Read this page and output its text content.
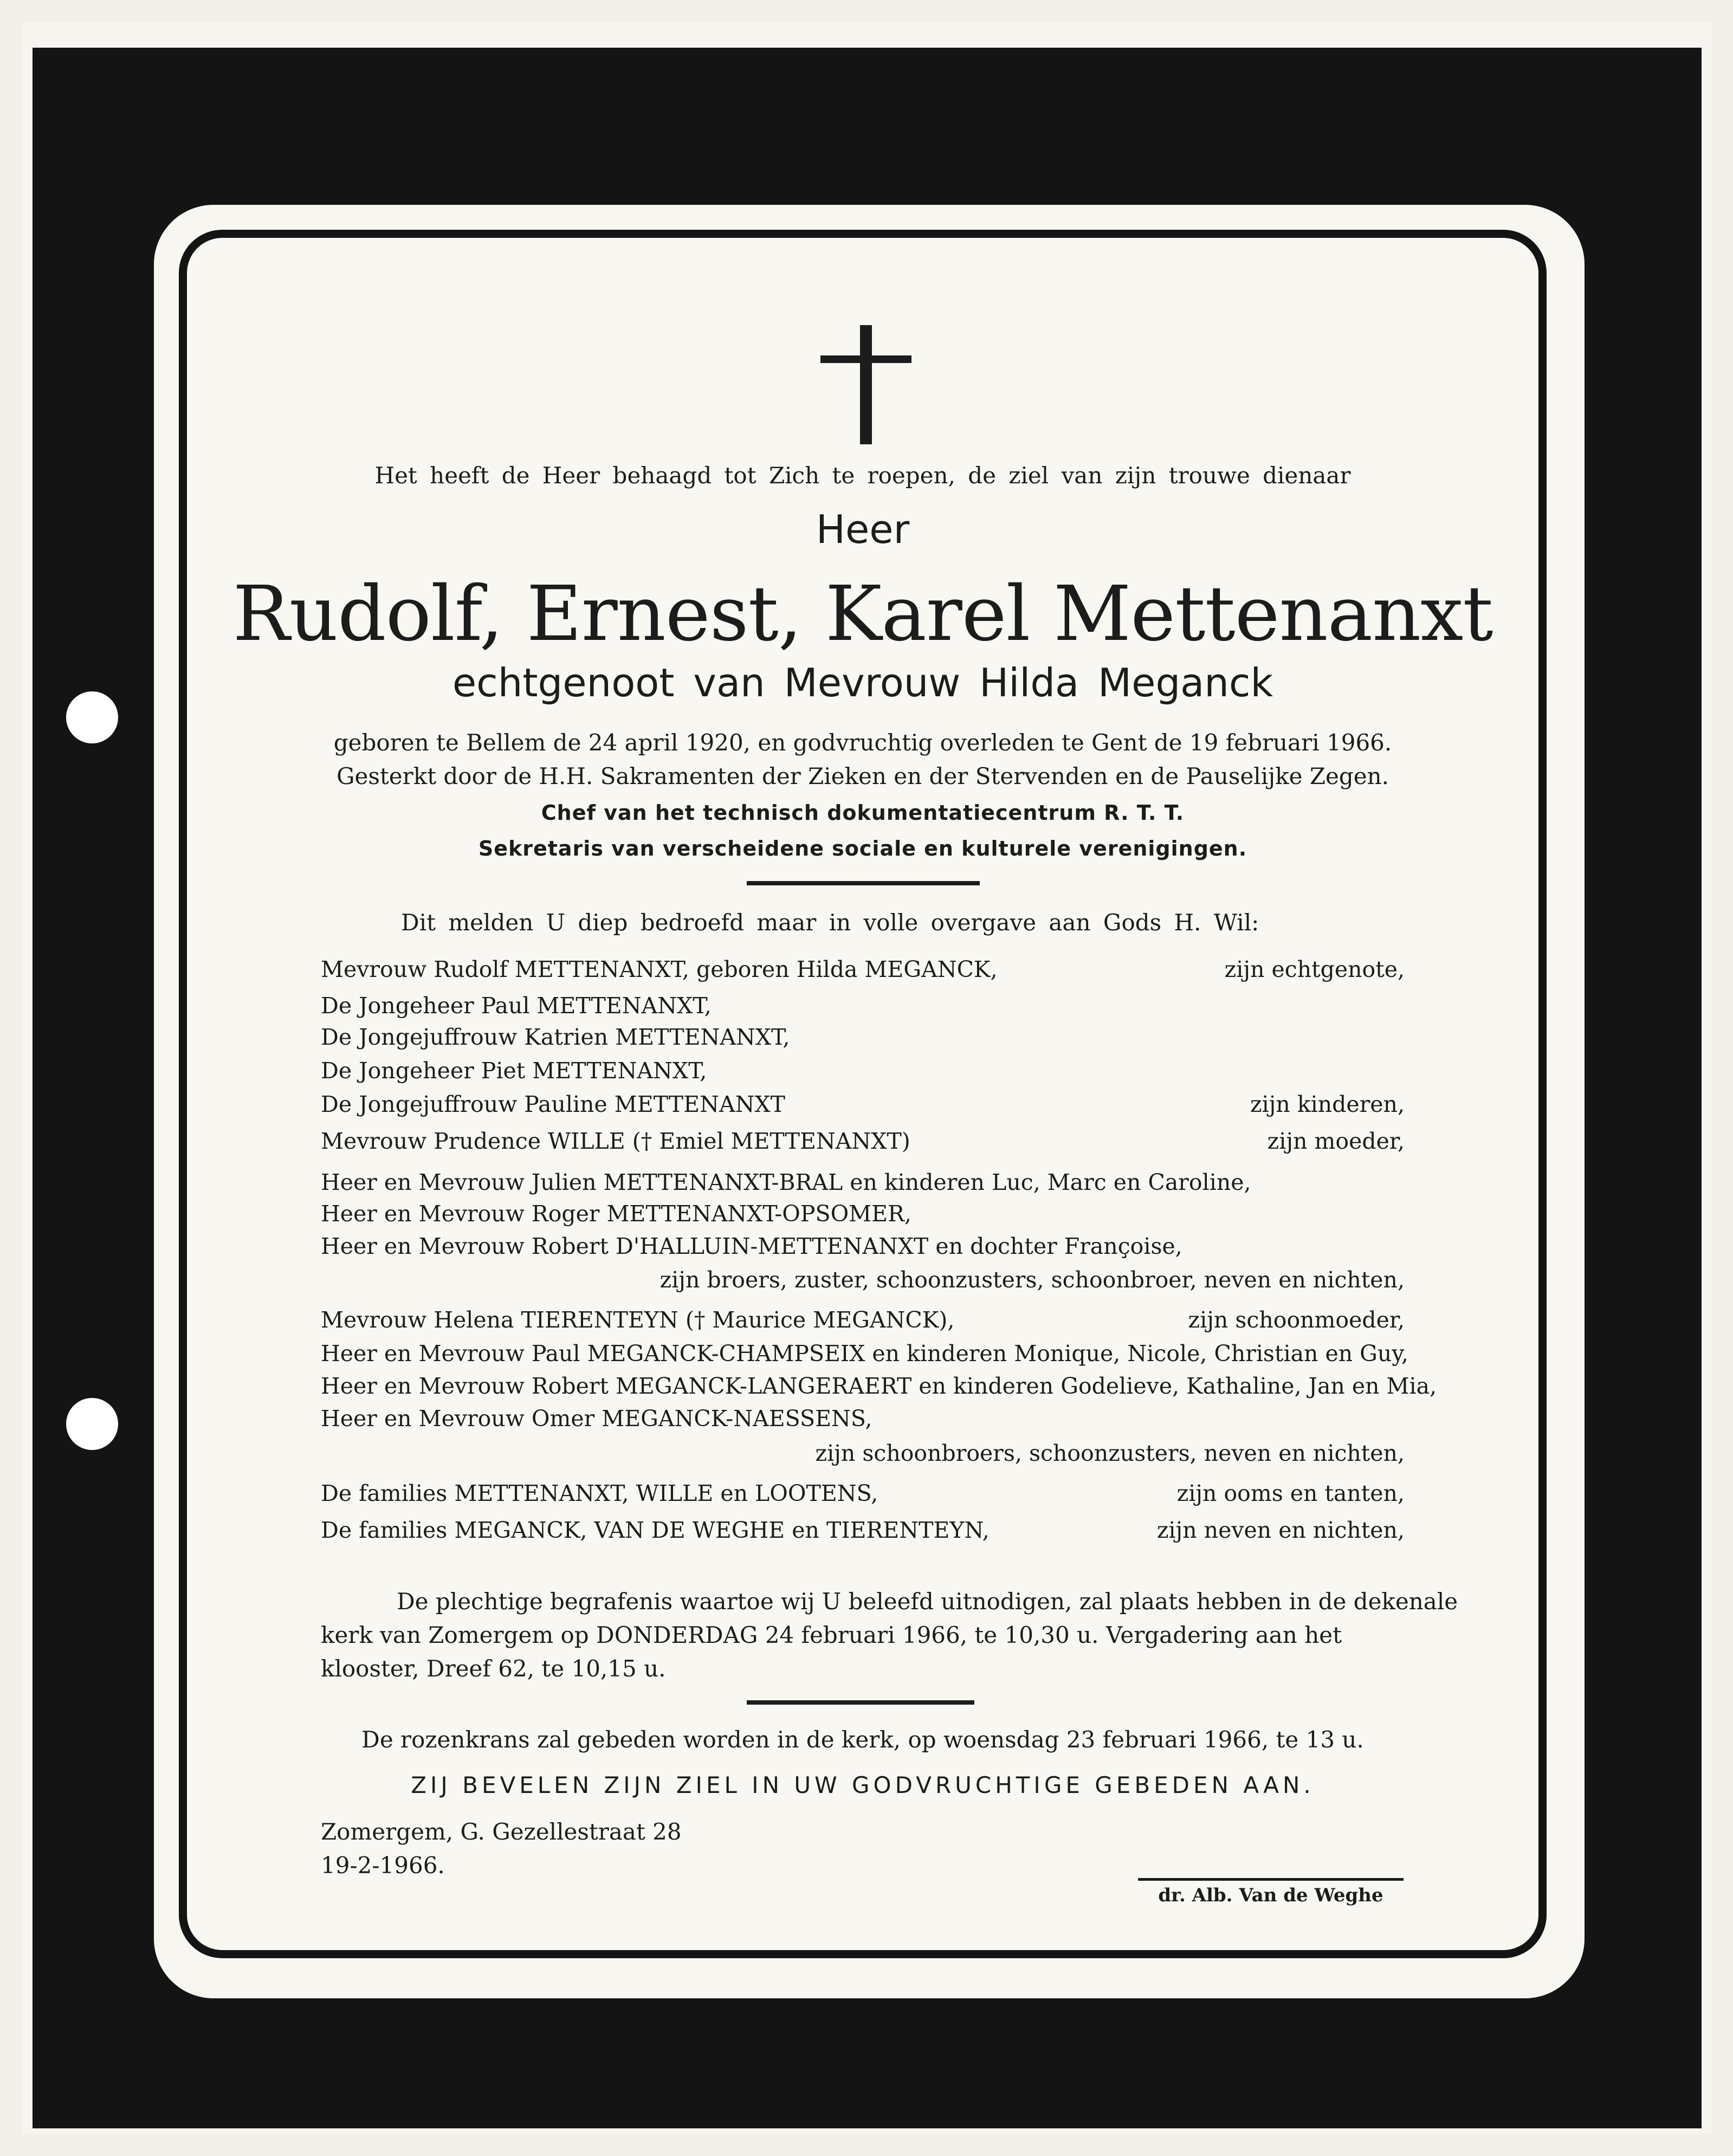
Het heeft de Heer behaagd tot Zich te roepen, de ziel van zijn trouwe dienaar
Heer
Rudolf, Ernest, Karel Mettenanxt
echtgenoot van Mevrouw Hilda Meganck
geboren te Bellem de 24 april 1920, en godvruchtig overleden te Gent de 19 februari 1966.
Gesterkt door de H.H. Sakramenten der Zieken en der Stervenden en de Pauselijke Zegen.
Chef van het technisch dokumentatiecentrum R. T. T.
Sekretaris van verscheidene sociale en kulturele verenigingen.
Dit melden U diep bedroefd maar in volle overgave aan Gods H. Wil:
Mevrouw Rudolf METTENANXT, geboren Hilda MEGANCK,	zijn echtgenote,
De Jongeheer Paul METTENANXT,
De Jongejuffrouw Katrien METTENANXT,
De Jongeheer Piet METTENANXT,
De Jongejuffrouw Pauline METTENANXT	zijn kinderen,
Mevrouw Prudence WILLE († Emiel METTENANXT)	zijn moeder,
Heer en Mevrouw Julien METTENANXT-BRAL en kinderen Luc, Marc en Caroline,
Heer en Mevrouw Roger METTENANXT-OPSOMER,
Heer en Mevrouw Robert D'HALLUIN-METTENANXT en dochter Françoise,
zijn broers, zuster, schoonzusters, schoonbroer, neven en nichten,
Mevrouw Helena TIERENTEYN († Maurice MEGANCK),	zijn schoonmoeder,
Heer en Mevrouw Paul MEGANCK-CHAMPSEIX en kinderen Monique, Nicole, Christian en Guy,
Heer en Mevrouw Robert MEGANCK-LANGERAERT en kinderen Godelieve, Kathaline, Jan en Mia,
Heer en Mevrouw Omer MEGANCK-NAESSENS,
zijn schoonbroers, schoonzusters, neven en nichten,
De families METTENANXT, WILLE en LOOTENS,	zijn ooms en tanten,
De families MEGANCK, VAN DE WEGHE en TIERENTEYN,	zijn neven en nichten,
De plechtige begrafenis waartoe wij U beleefd uitnodigen, zal plaats hebben in de dekenale
kerk van Zomergem op DONDERDAG 24 februari 1966, te 10,30 u. Vergadering aan het
klooster, Dreef 62, te 10,15 u.
De rozenkrans zal gebeden worden in de kerk, op woensdag 23 februari 1966, te 13 u.
ZIJ BEVELEN ZIJN ZIEL IN UW GODVRUCHTIGE GEBEDEN AAN.
Zomergem, G. Gezellestraat 28
19-2-1966.
dr. Alb. Van de Weghe
